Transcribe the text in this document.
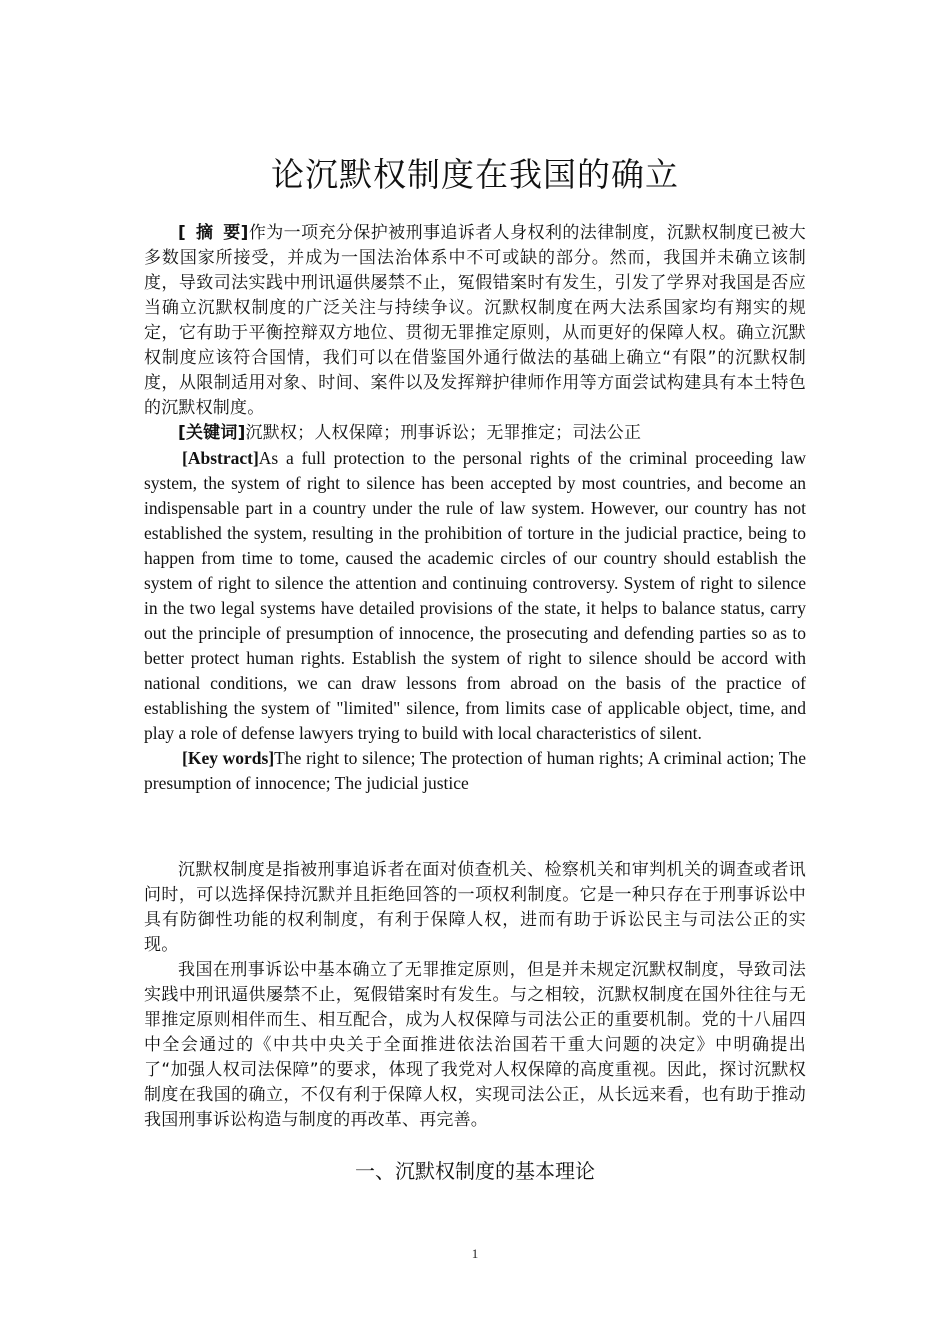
论沉默权制度在我国的确立

[摘要]作为一项充分保护被刑事追诉者人身权利的法律制度，沉默权制度已被大多数国家所接受，并成为一国法治体系中不可或缺的部分。然而，我国并未确立该制度，导致司法实践中刑讯逼供屡禁不止，冤假错案时有发生，引发了学界对我国是否应当确立沉默权制度的广泛关注与持续争议。沉默权制度在两大法系国家均有翔实的规定，它有助于平衡控辩双方地位、贯彻无罪推定原则，从而更好的保障人权。确立沉默权制度应该符合国情，我们可以在借鉴国外通行做法的基础上确立“有限”的沉默权制度，从限制适用对象、时间、案件以及发挥辩护律师作用等方面尝试构建具有本土特色的沉默权制度。

[关键词]沉默权；人权保障；刑事诉讼；无罪推定；司法公正

[Abstract]As a full protection to the personal rights of the criminal proceeding law system, the system of right to silence has been accepted by most countries, and become an indispensable part in a country under the rule of law system. However, our country has not established the system, resulting in the prohibition of torture in the judicial practice, being to happen from time to tome, caused the academic circles of our country should establish the system of right to silence the attention and continuing controversy. System of right to silence in the two legal systems have detailed provisions of the state, it helps to balance status, carry out the principle of presumption of innocence, the prosecuting and defending parties so as to better protect human rights. Establish the system of right to silence should be accord with national conditions, we can draw lessons from abroad on the basis of the practice of establishing the system of "limited" silence, from limits case of applicable object, time, and play a role of defense lawyers trying to build with local characteristics of silent.

[Key words]The right to silence; The protection of human rights; A criminal action; The presumption of innocence; The judicial justice

沉默权制度是指被刑事追诉者在面对侦查机关、检察机关和审判机关的调查或者讯问时，可以选择保持沉默并且拒绝回答的一项权利制度。它是一种只存在于刑事诉讼中具有防御性功能的权利制度，有利于保障人权，进而有助于诉讼民主与司法公正的实现。

我国在刑事诉讼中基本确立了无罪推定原则，但是并未规定沉默权制度，导致司法实践中刑讯逼供屡禁不止，冤假错案时有发生。与之相较，沉默权制度在国外往往与无罪推定原则相伴而生、相互配合，成为人权保障与司法公正的重要机制。党的十八届四中全会通过的《中共中央关于全面推进依法治国若干重大问题的决定》中明确提出了“加强人权司法保障”的要求，体现了我党对人权保障的高度重视。因此，探讨沉默权制度在我国的确立，不仅有利于保障人权，实现司法公正，从长远来看，也有助于推动我国刑事诉讼构造与制度的再改革、再完善。

一、沉默权制度的基本理论
1
